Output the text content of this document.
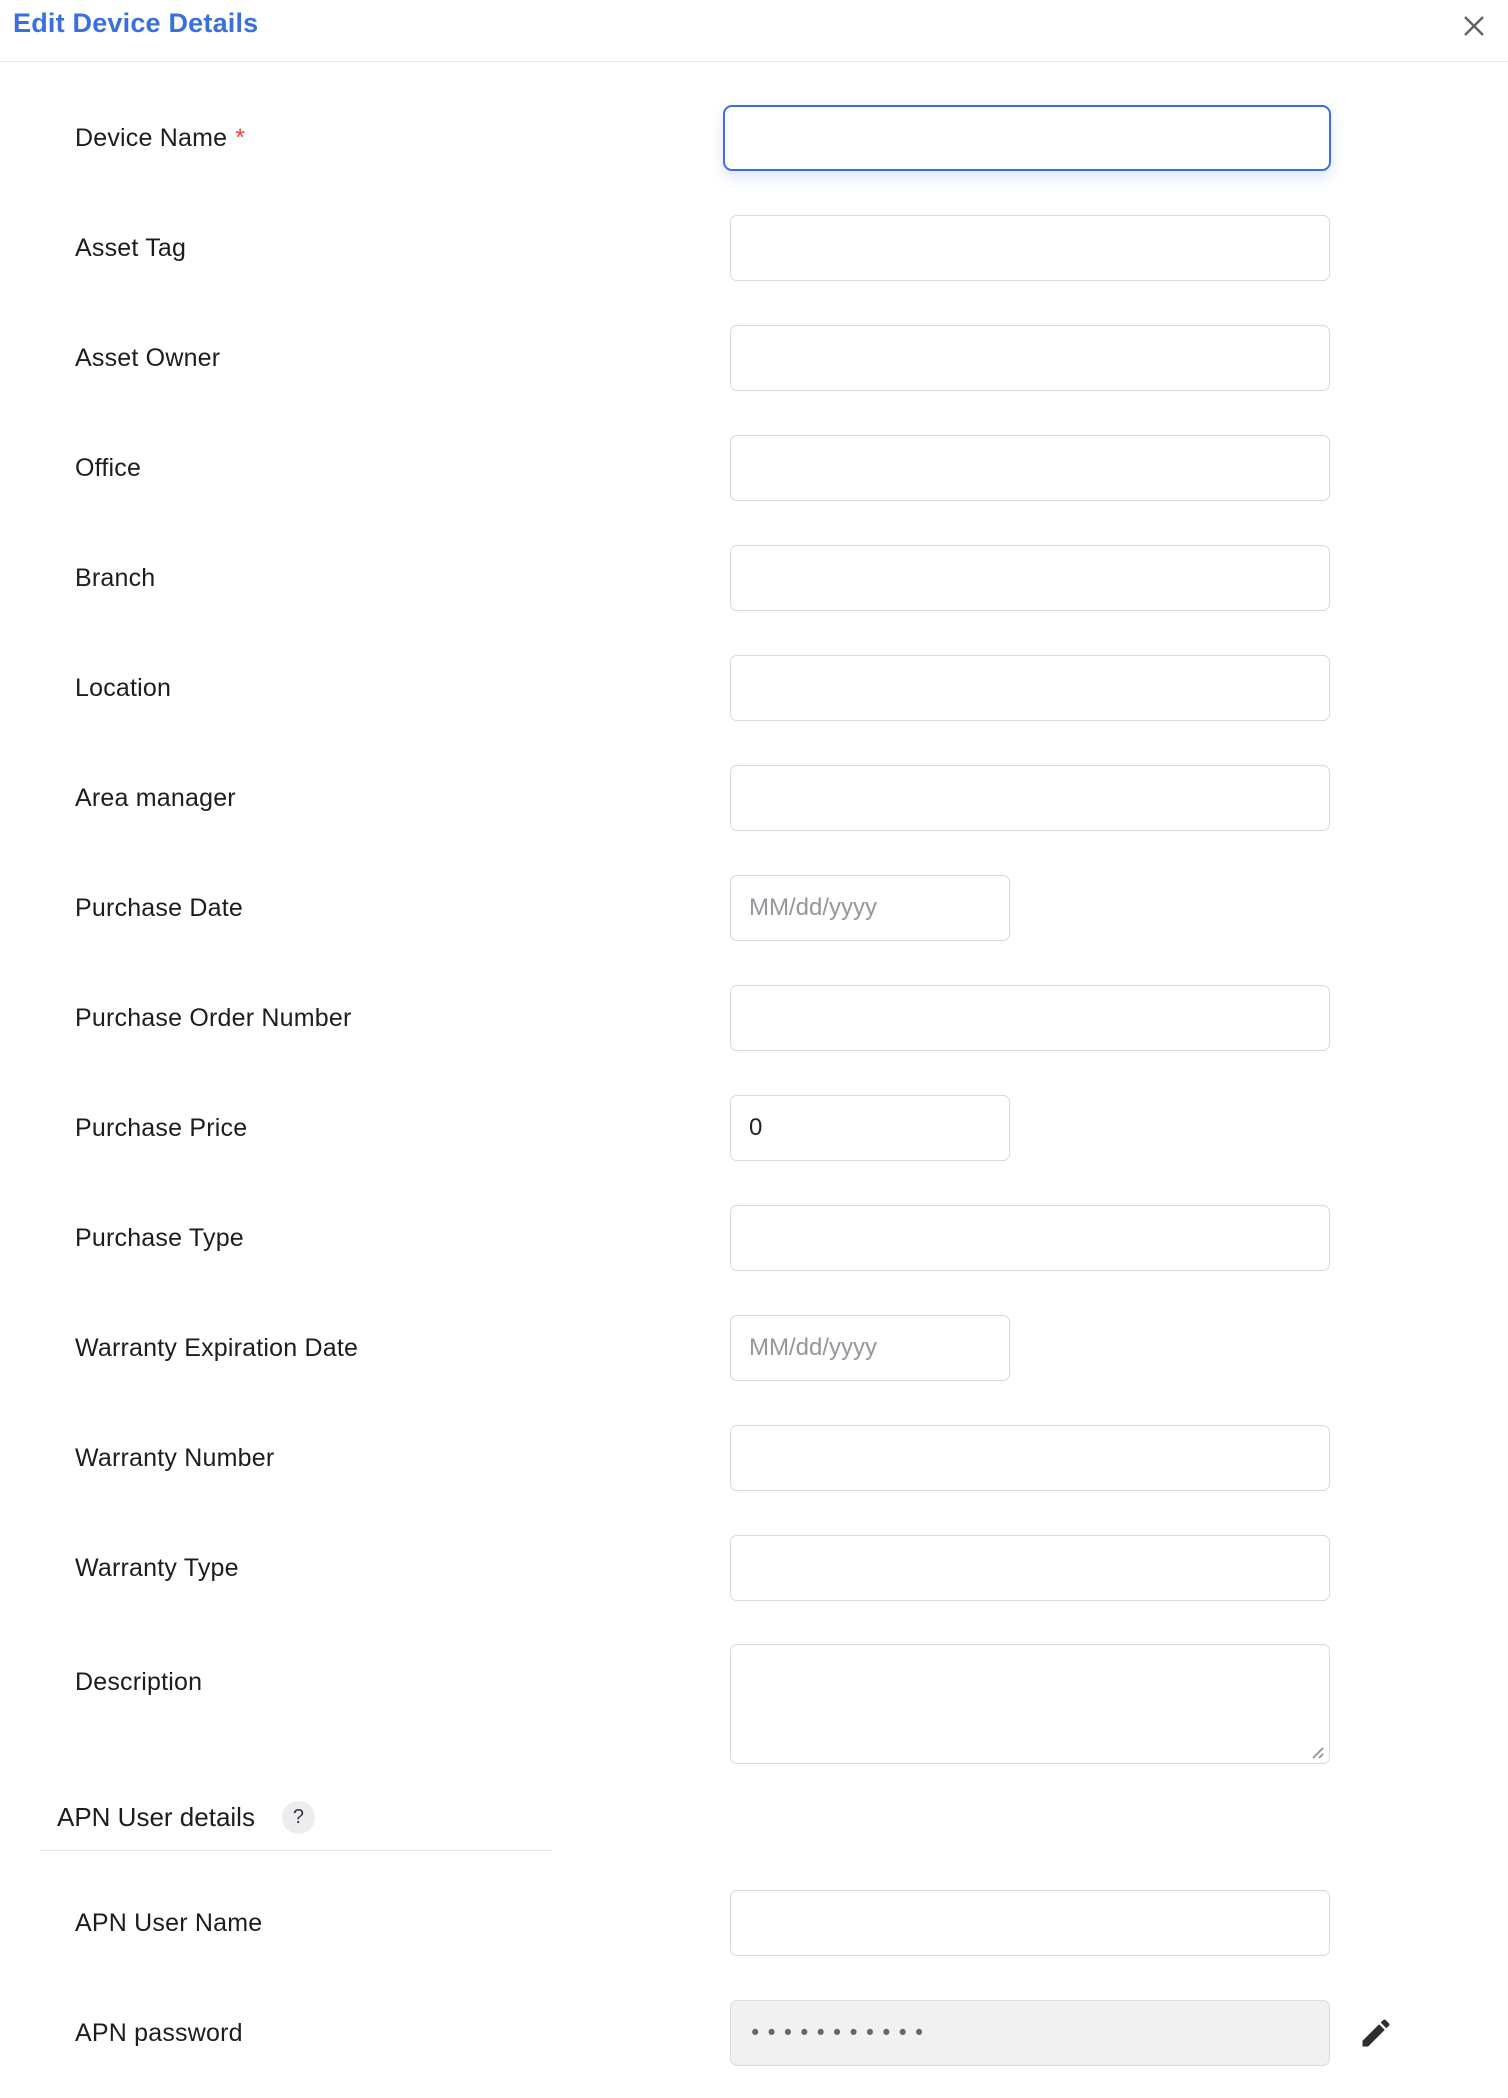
Edit Device Details
Device Name *
Asset Tag
Asset Owner
Office
Branch
Location
Area manager
Purchase Date
MM/dd/yyyy
Purchase Order Number
Purchase Price
0
Purchase Type
Warranty Expiration Date
MM/dd/yyyy
Warranty Number
Warranty Type
Description
APN User details	?
APN User Name
APN password
•••••••••••
